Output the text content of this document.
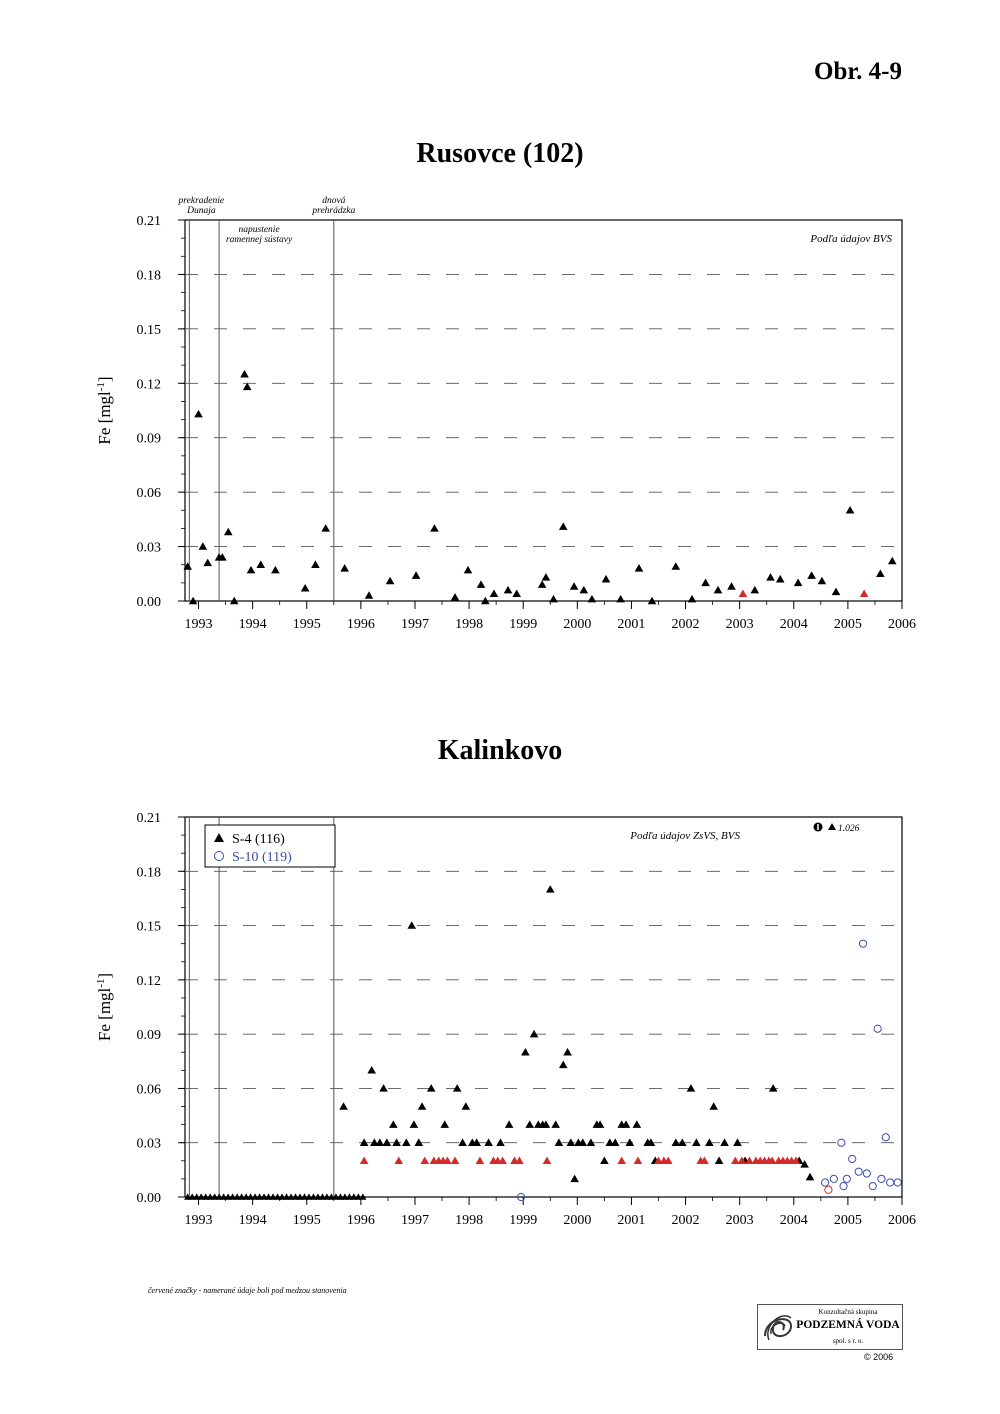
Obr. 4-9
Rusovce (102)
0.00
0.03
0.06
0.09
0.12
0.15
0.18
0.21
1993 1994 1995 1996 1997 1998 1999 2000 2001 2002 2003 2004 2005 2006
Fe [mgl$^{-1}$]
prekradenie
Dunaja
napustenie
ramennej sústavy
dnová
prehrádzka
Podľa údajov BVS
Kalinkovo
0.00
0.03
0.06
0.09
0.12
0.15
0.18
0.21
1993 1994 1995 1996 1997 1998 1999 2000 2001 2002 2003 2004 2005 2006
Fe [mgl$^{-1}$]
Podľa údajov ZsVS, BVS
S-4 (116)
S-10 (119)
1.026
červené značky - namerané údaje boli pod medzou stanovenia
Konzultačná skupina
PODZEMNÁ VODA
spol. s r. o.
© 2006
